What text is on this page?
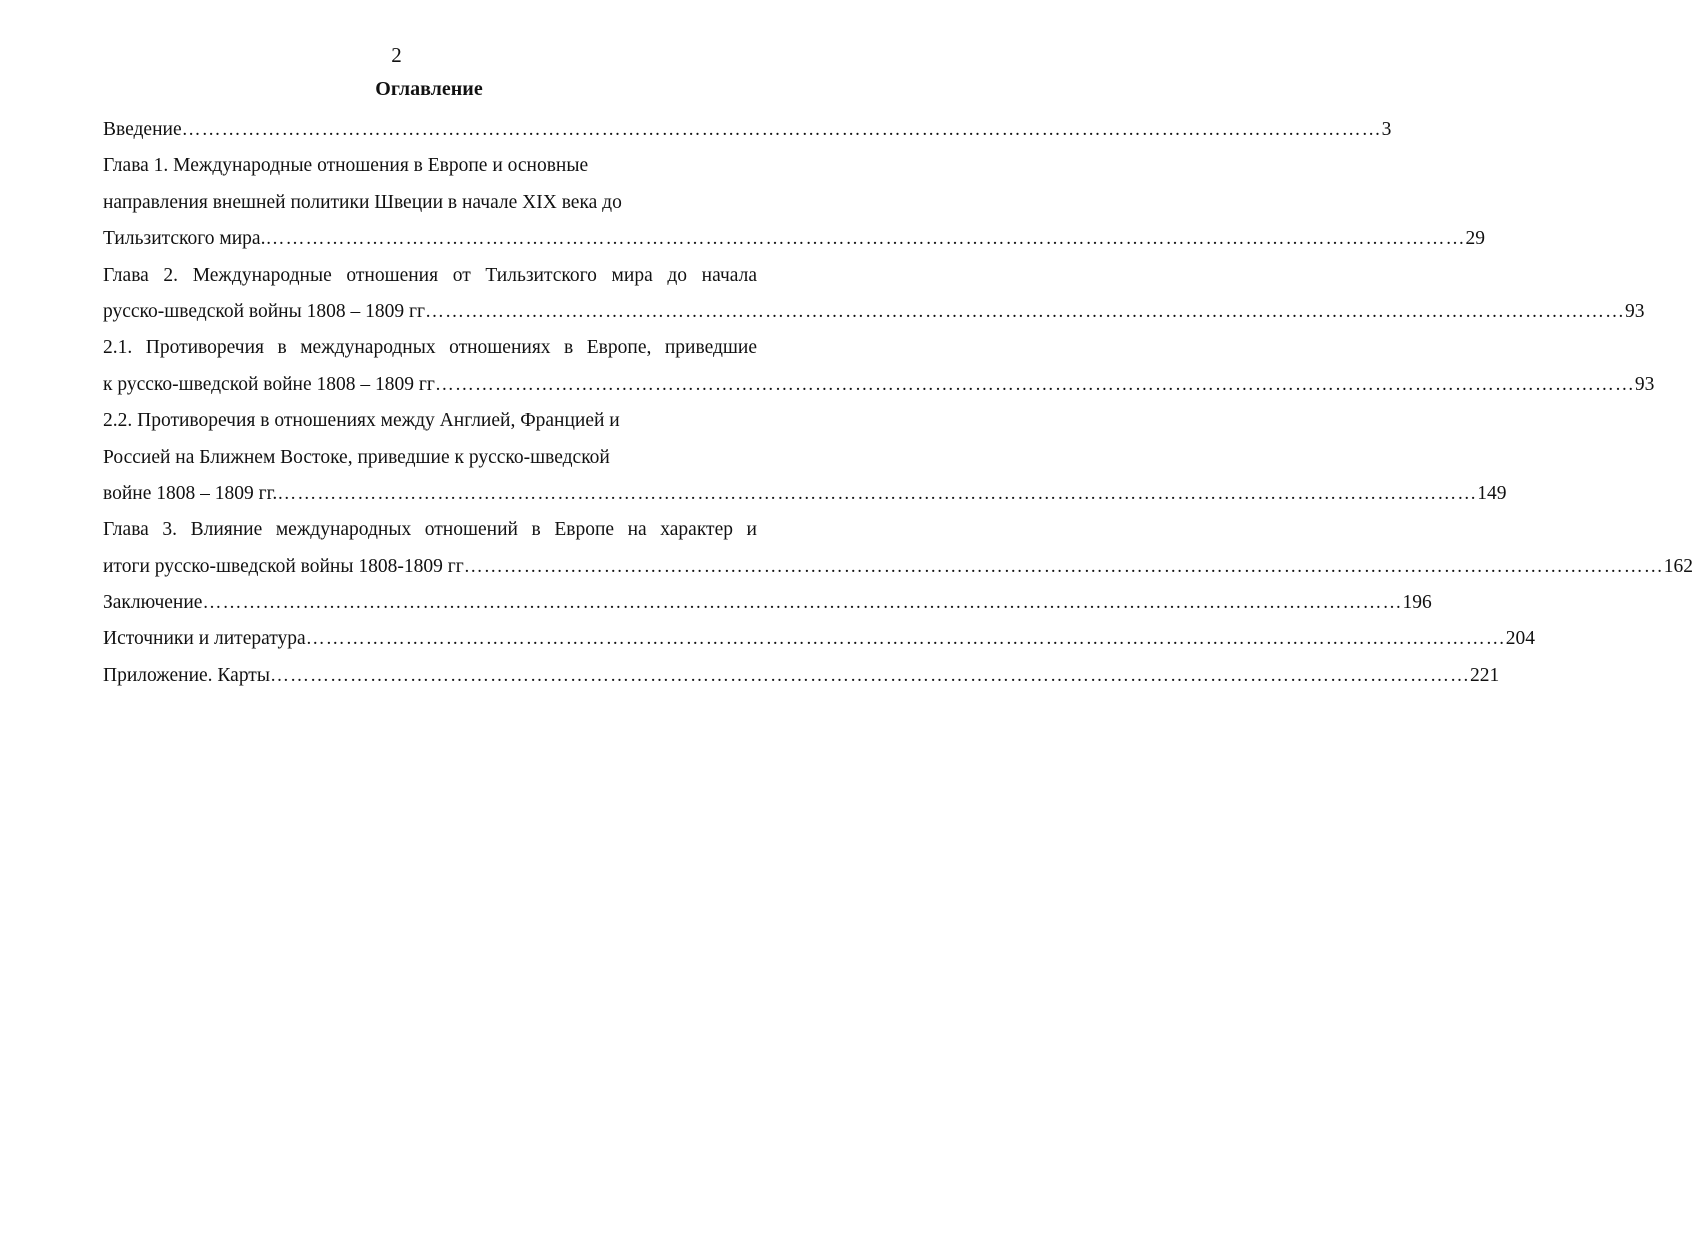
2
Оглавление
Введение ……………………………………………………………………………………………………………………………………………………………… 3
Глава 1. Международные отношения в Европе и основные
направления внешней политики Швеции в начале XIX века до
Тильзитского мира. ……………………………………………………………………………………………………………………………………………………………… 29
Глава 2. Международные отношения от Тильзитского мира до начала
русско-шведской войны 1808 – 1809 гг ……………………………………………………………………………………………………………………………………………………………… 93
2.1. Противоречия в международных отношениях в Европе, приведшие
к русско-шведской войне 1808 – 1809 гг ……………………………………………………………………………………………………………………………………………………………… 93
2.2. Противоречия в отношениях между Англией, Францией и
Россией на Ближнем Востоке, приведшие к русско-шведской
войне 1808 – 1809 гг. ……………………………………………………………………………………………………………………………………………………………… 149
Глава 3. Влияние международных отношений в Европе на характер и
итоги русско-шведской войны 1808-1809 гг ……………………………………………………………………………………………………………………………………………………………… 162
Заключение ……………………………………………………………………………………………………………………………………………………………… 196
Источники и литература ……………………………………………………………………………………………………………………………………………………………… 204
Приложение. Карты ……………………………………………………………………………………………………………………………………………………………… 221
